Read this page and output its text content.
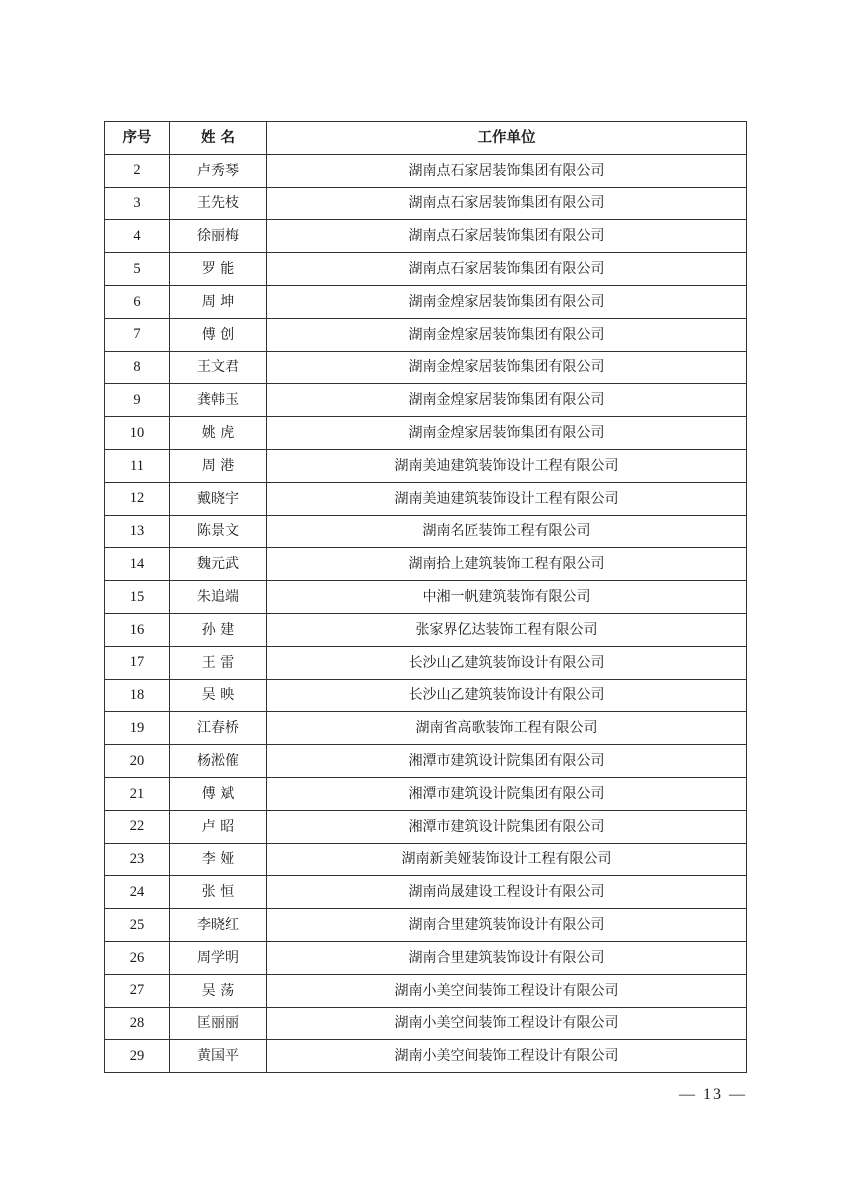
序号	姓 名	工作单位
2	卢秀琴	湖南点石家居装饰集团有限公司
3	王先枝	湖南点石家居装饰集团有限公司
4	徐丽梅	湖南点石家居装饰集团有限公司
5	罗 能	湖南点石家居装饰集团有限公司
6	周 坤	湖南金煌家居装饰集团有限公司
7	傅 创	湖南金煌家居装饰集团有限公司
8	王文君	湖南金煌家居装饰集团有限公司
9	龚韩玉	湖南金煌家居装饰集团有限公司
10	姚 虎	湖南金煌家居装饰集团有限公司
11	周 港	湖南美迪建筑装饰设计工程有限公司
12	戴晓宇	湖南美迪建筑装饰设计工程有限公司
13	陈景文	湖南名匠装饰工程有限公司
14	魏元武	湖南拾上建筑装饰工程有限公司
15	朱追端	中湘一帆建筑装饰有限公司
16	孙 建	张家界亿达装饰工程有限公司
17	王 雷	长沙山乙建筑装饰设计有限公司
18	吴 映	长沙山乙建筑装饰设计有限公司
19	江春桥	湖南省高歌装饰工程有限公司
20	杨淞傕	湘潭市建筑设计院集团有限公司
21	傅 斌	湘潭市建筑设计院集团有限公司
22	卢 昭	湘潭市建筑设计院集团有限公司
23	李 娅	湖南新美娅装饰设计工程有限公司
24	张 恒	湖南尚晟建设工程设计有限公司
25	李晓红	湖南合里建筑装饰设计有限公司
26	周学明	湖南合里建筑装饰设计有限公司
27	吴 荡	湖南小美空间装饰工程设计有限公司
28	匡丽丽	湖南小美空间装饰工程设计有限公司
29	黄国平	湖南小美空间装饰工程设计有限公司
— 13 —
